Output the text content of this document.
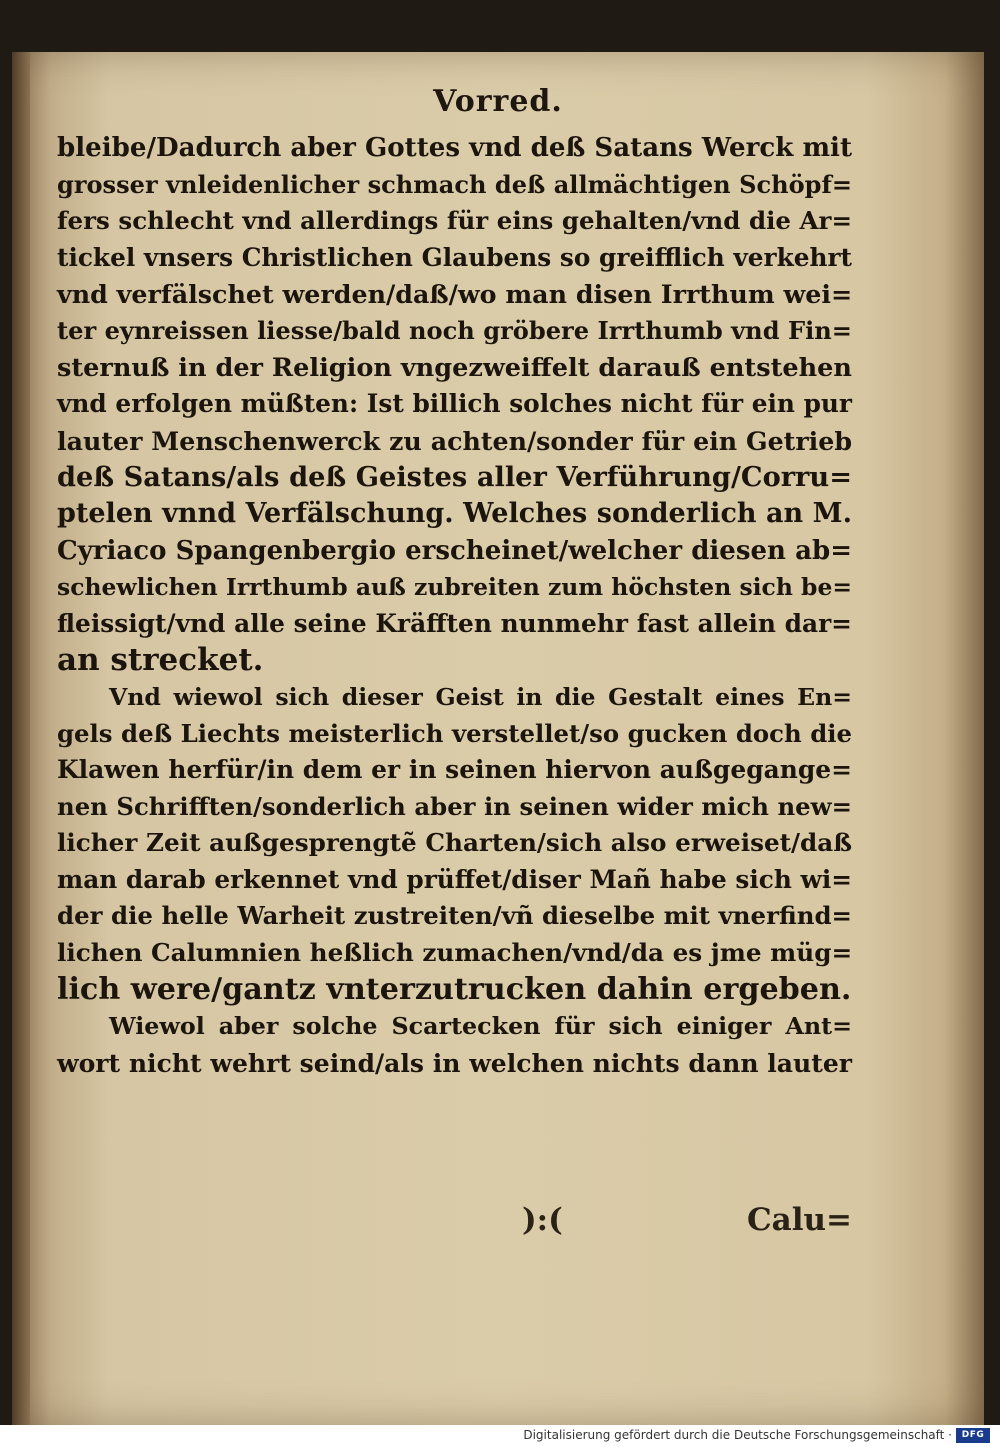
Vorred.
bleibe/Dadurch aber Gottes vnd deß Satans Werck mit
grosser vnleidenlicher schmach deß allmächtigen Schöpf=
fers schlecht vnd allerdings für eins gehalten/vnd die Ar=
tickel vnsers Christlichen Glaubens so greifflich verkehrt
vnd verfälschet werden/daß/wo man disen Irrthum wei=
ter eynreissen liesse/bald noch gröbere Irrthumb vnd Fin=
sternuß in der Religion vngezweiffelt darauß entstehen
vnd erfolgen müßten: Ist billich solches nicht für ein pur
lauter Menschenwerck zu achten/sonder für ein Getrieb
deß Satans/als deß Geistes aller Verführung/Corru=
ptelen vnnd Verfälschung. Welches sonderlich an M.
Cyriaco Spangenbergio erscheinet/welcher diesen ab=
schewlichen Irrthumb auß zubreiten zum höchsten sich be=
fleissigt/vnd alle seine Kräfften nunmehr fast allein dar=
an strecket.
Vnd wiewol sich dieser Geist in die Gestalt eines En=
gels deß Liechts meisterlich verstellet/so gucken doch die
Klawen herfür/in dem er in seinen hiervon außgegange=
nen Schrifften/sonderlich aber in seinen wider mich new=
licher Zeit außgesprengtẽ Charten/sich also erweiset/daß
man darab erkennet vnd prüffet/diser Mañ habe sich wi=
der die helle Warheit zustreiten/vñ dieselbe mit vnerfind=
lichen Calumnien heßlich zumachen/vnd/da es jme müg=
lich were/gantz vnterzutrucken dahin ergeben.
Wiewol aber solche Scartecken für sich einiger Ant=
wort nicht wehrt seind/als in welchen nichts dann lauter
):(	Calu=
Digitalisierung gefördert durch die Deutsche Forschungsgemeinschaft ·	DFG
